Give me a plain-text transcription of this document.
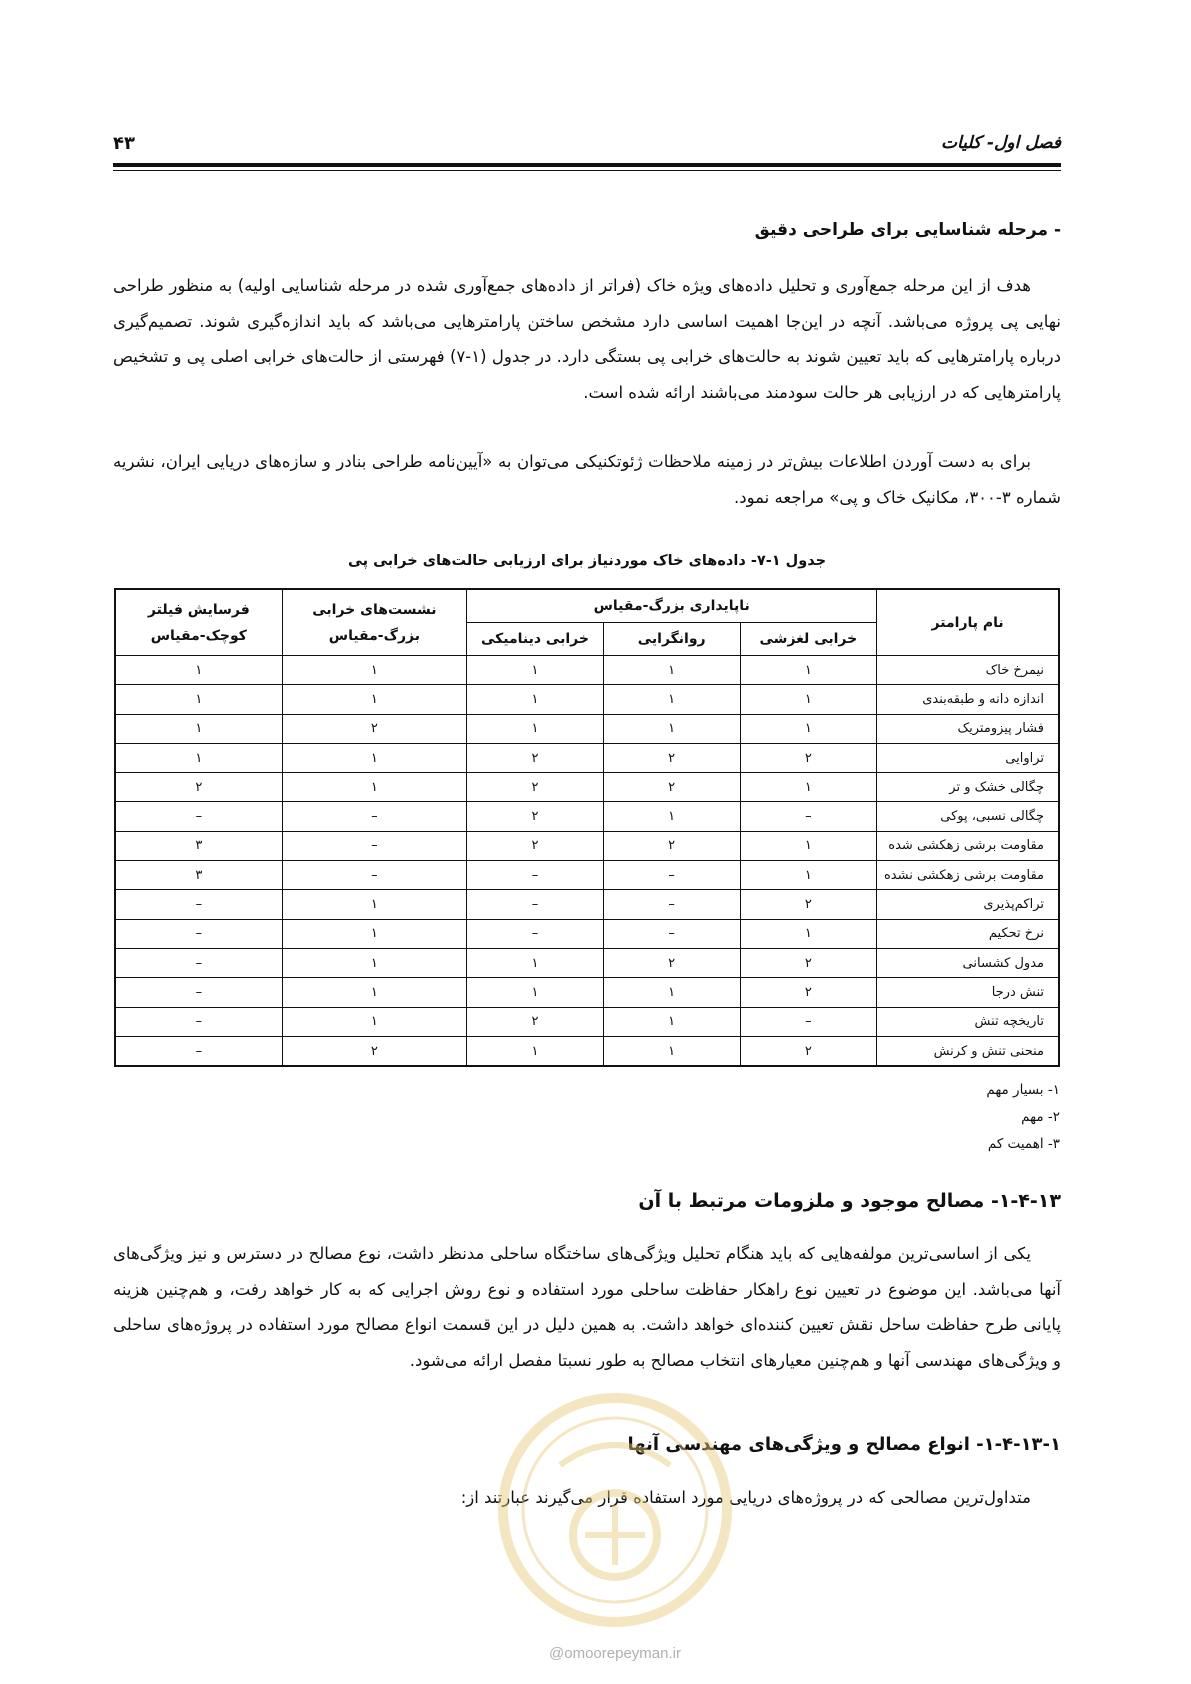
فصل اول- کلیات
۴۳
- مرحله شناسایی برای طراحی دقیق
هدف از این مرحله جمع‌آوری و تحلیل داده‌های ویژه خاک (فراتر از داده‌های جمع‌آوری شده در مرحله شناسایی اولیه) به منظور طراحی نهایی پی پروژه می‌باشد. آنچه در این‌جا اهمیت اساسی دارد مشخص ساختن پارامترهایی می‌باشد که باید اندازه‌گیری شوند. تصمیم‌گیری درباره پارامترهایی که باید تعیین شوند به حالت‌های خرابی پی بستگی دارد. در جدول (۱-۷) فهرستی از حالت‌های خرابی اصلی پی و تشخیص پارامترهایی که در ارزیابی هر حالت سودمند می‌باشند ارائه شده است.
برای به دست آوردن اطلاعات بیش‌تر در زمینه ملاحظات ژئوتکنیکی می‌توان به «آیین‌نامه طراحی بنادر و سازه‌های دریایی ایران، نشریه شماره ۳-۳۰۰، مکانیک خاک و پی» مراجعه نمود.
جدول ۱-۷- داده‌های خاک موردنیاز برای ارزیابی حالت‌های خرابی پی
نام پارامتر	ناپایداری بزرگ-مقیاس			نشست‌های خرابی
بزرگ-مقیاس	فرسایش فیلتر
کوچک-مقیاس

	خرابی لغزشی	روانگرایی	خرابی دینامیکی		
نیمرخ خاک	۱	۱	۱	۱	۱
اندازه دانه و طبقه‌بندی	۱	۱	۱	۱	۱
فشار پیزومتریک	۱	۱	۱	۲	۱
تراوایی	۲	۲	۲	۱	۱
چگالی خشک و تر	۱	۲	۲	۱	۲
چگالی نسبی، پوکی	–	۱	۲	–	–
مقاومت برشی زهکشی شده	۱	۲	۲	–	۳
مقاومت برشی زهکشی نشده	۱	–	–	–	۳
تراکم‌پذیری	۲	–	–	۱	–
نرخ تحکیم	۱	–	–	۱	–
مدول کشسانی	۲	۲	۱	۱	–
تنش درجا	۲	۱	۱	۱	–
تاریخچه تنش	–	۱	۲	۱	–
منحنی تنش و کرنش	۲	۱	۱	۲	–
۱- بسیار مهم
۲- مهم
۳- اهمیت کم
۱-۴-۱۳- مصالح موجود و ملزومات مرتبط با آن
یکی از اساسی‌ترین مولفه‌هایی که باید هنگام تحلیل ویژگی‌های ساختگاه ساحلی مدنظر داشت، نوع مصالح در دسترس و نیز ویژگی‌های آنها می‌باشد. این موضوع در تعیین نوع راهکار حفاظت ساحلی مورد استفاده و نوع روش اجرایی که به کار خواهد رفت، و هم‌چنین هزینه پایانی طرح حفاظت ساحل نقش تعیین کننده‌ای خواهد داشت. به همین دلیل در این قسمت انواع مصالح مورد استفاده در پروژه‌های ساحلی و ویژگی‌های مهندسی آنها و هم‌چنین معیارهای انتخاب مصالح به طور نسبتا مفصل ارائه می‌شود.
۱-۴-۱۳-۱- انواع مصالح و ویژگی‌های مهندسی آنها
متداول‌ترین مصالحی که در پروژه‌های دریایی مورد استفاده قرار می‌گیرند عبارتند از:
@omoorepeyman.ir
